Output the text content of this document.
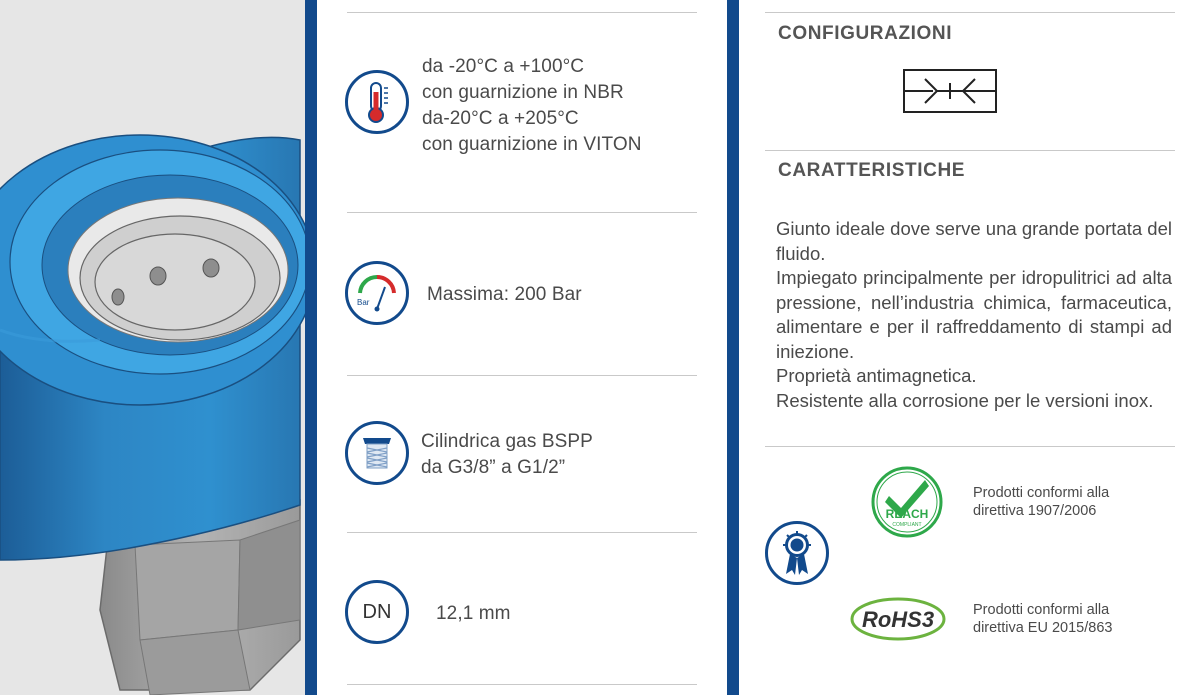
da -20°C a +100°C
con guarnizione in NBR
da-20°C a +205°C
con guarnizione in VITON
Bar	Massima: 200 Bar
Cilindrica gas BSPP
da G3/8” a G1/2”
DN 12,1 mm
CONFIGURAZIONI
CARATTERISTICHE

Giunto ideale dove serve una grande portata del fluido.

Impiegato principalmente per idropulitrici ad alta pressione, nell’industria chimica, farmaceutica, alimentare e per il raffreddamento di stampi ad iniezione.

Proprietà antimagnetica.

Resistente alla corrosione per le versioni inox.

REACH
COMPLIANT
Prodotti conformi alla
direttiva 1907/2006
RoHS3	Prodotti conformi alla
direttiva EU 2015/863
